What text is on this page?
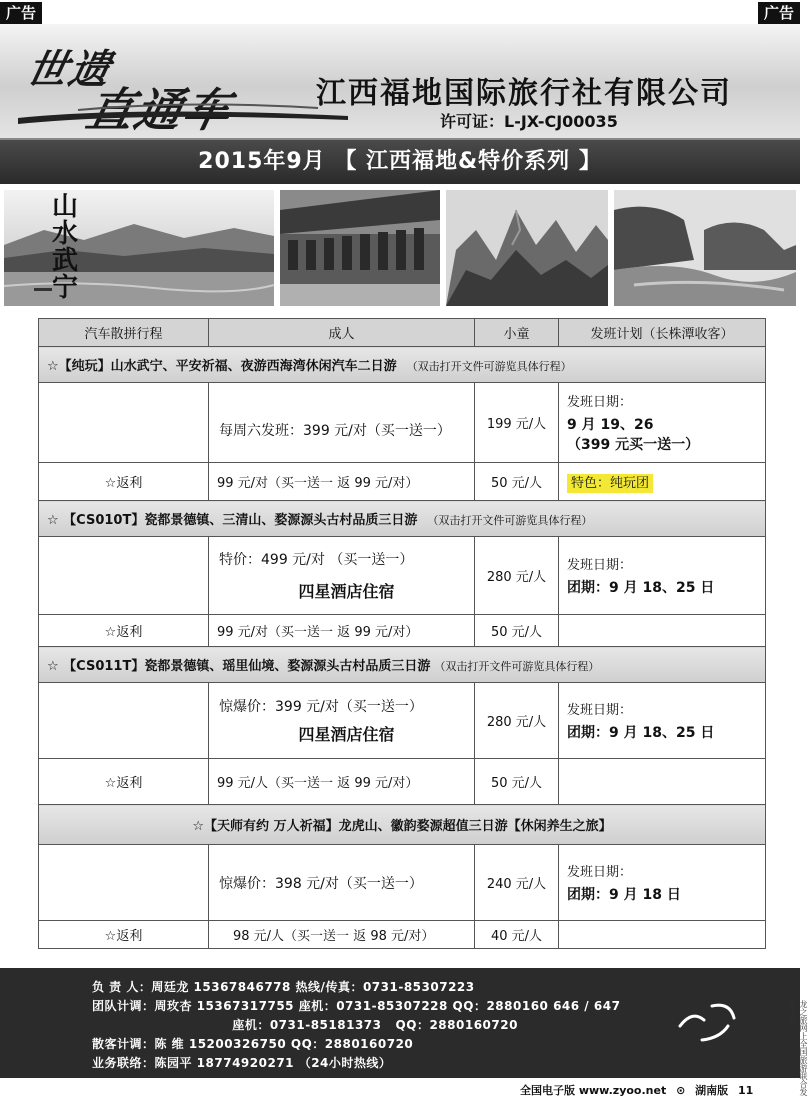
广告	广告
世遗
直通车	江西福地国际旅行社有限公司
许可证：L-JX-CJ00035
2015年9月 【 江西福地&特价系列 】
山水武宁
汽车散拼行程	成人	小童	发班计划（长株潭收客）
☆【纯玩】山水武宁、平安祈福、夜游西海湾休闲汽车二日游 （双击打开文件可游览具体行程）			

	每周六发班：399 元/对（买一送一）	199 元/人	发班日期：
9 月 19、26
（399 元买一送一）

☆返利	99 元/对（买一送一 返 99 元/对）	50 元/人	特色：纯玩团
☆ 【CS010T】瓷都景德镇、三清山、婺源源头古村品质三日游 （双击打开文件可游览具体行程）			

	特价：499 元/对 （买一送一）
四星酒店住宿	280 元/人	发班日期：
团期：9 月 18、25 日

☆返利	99 元/对（买一送一 返 99 元/对）	50 元/人	
☆ 【CS011T】瓷都景德镇、瑶里仙境、婺源源头古村品质三日游 （双击打开文件可游览具体行程）			

	惊爆价：399 元/对（买一送一）
四星酒店住宿	280 元/人	发班日期：
团期：9 月 18、25 日

☆返利	99 元/人（买一送一 返 99 元/对）	50 元/人	
☆【天师有约 万人祈福】龙虎山、徽韵婺源超值三日游【休闲养生之旅】			

	惊爆价：398 元/对（买一送一）	240 元/人	发班日期：
团期：9 月 18 日

☆返利	98 元/人（买一送一 返 98 元/对）	40 元/人	
负 责 人：周廷龙 15367846778 热线/传真：0731-85307223
团队计调：周玫杏 15367317755 座机：0731-85307228 QQ：2880160 646 / 647
座机：0731-85181373   QQ：2880160720
散客计调：陈 维 15200326750 QQ：2880160720
业务联络：陈园平 18774920271 （24小时热线）	龙之旅网上全国旅游联合发布平台
全国电子版 www.zyoo.net ⊙ 湖南版 11
